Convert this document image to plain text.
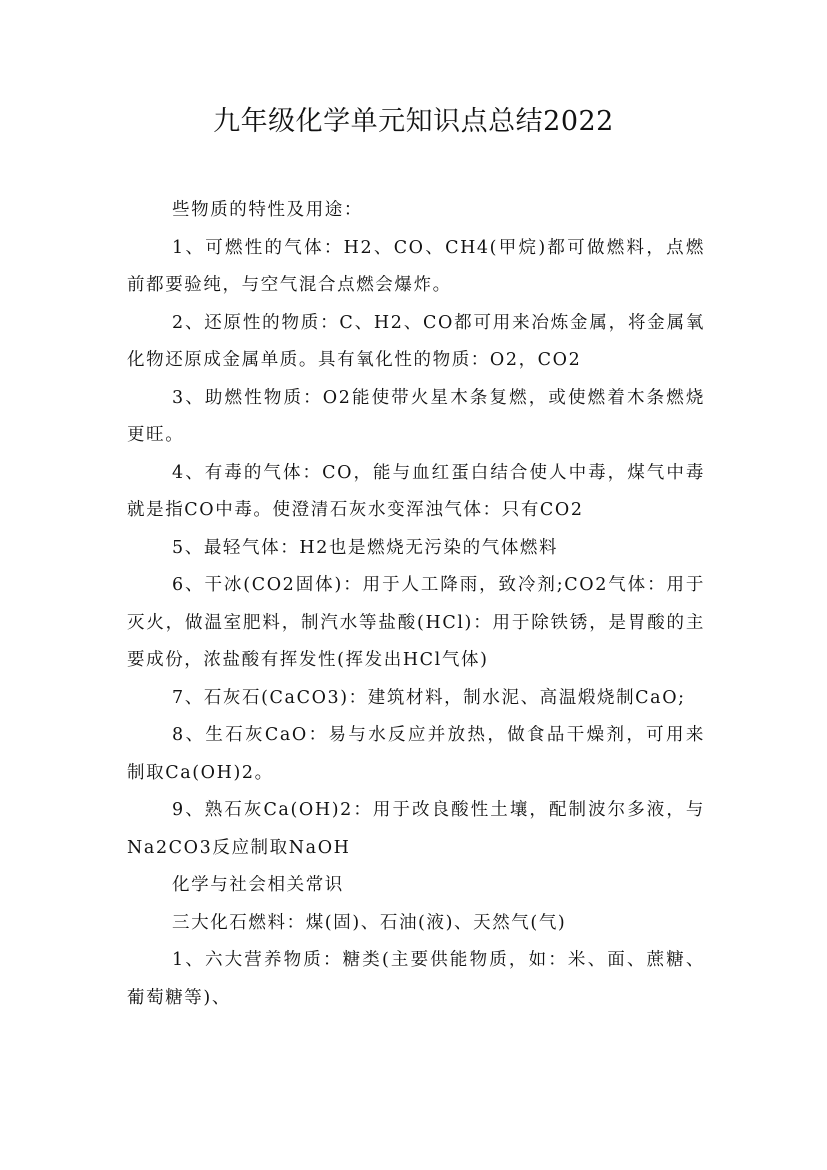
九年级化学单元知识点总结2022

些物质的特性及用途：

1、可燃性的气体：H2、CO、CH4(甲烷)都可做燃料，点燃前都要验纯，与空气混合点燃会爆炸。

2、还原性的物质：C、H2、CO都可用来冶炼金属，将金属氧化物还原成金属单质。具有氧化性的物质：O2，CO2

3、助燃性物质：O2能使带火星木条复燃，或使燃着木条燃烧更旺。

4、有毒的气体：CO，能与血红蛋白结合使人中毒，煤气中毒就是指CO中毒。使澄清石灰水变浑浊气体：只有CO2

5、最轻气体：H2也是燃烧无污染的气体燃料

6、干冰(CO2固体)：用于人工降雨，致冷剂;CO2气体：用于灭火，做温室肥料，制汽水等盐酸(HCl)：用于除铁锈，是胃酸的主要成份，浓盐酸有挥发性(挥发出HCl气体)

7、石灰石(CaCO3)：建筑材料，制水泥、高温煅烧制CaO;

8、生石灰CaO：易与水反应并放热，做食品干燥剂，可用来制取Ca(OH)2。

9、熟石灰Ca(OH)2：用于改良酸性土壤，配制波尔多液，与Na2CO3反应制取NaOH

化学与社会相关常识

三大化石燃料：煤(固)、石油(液)、天然气(气)

1、六大营养物质：糖类(主要供能物质，如：米、面、蔗糖、葡萄糖等)、
